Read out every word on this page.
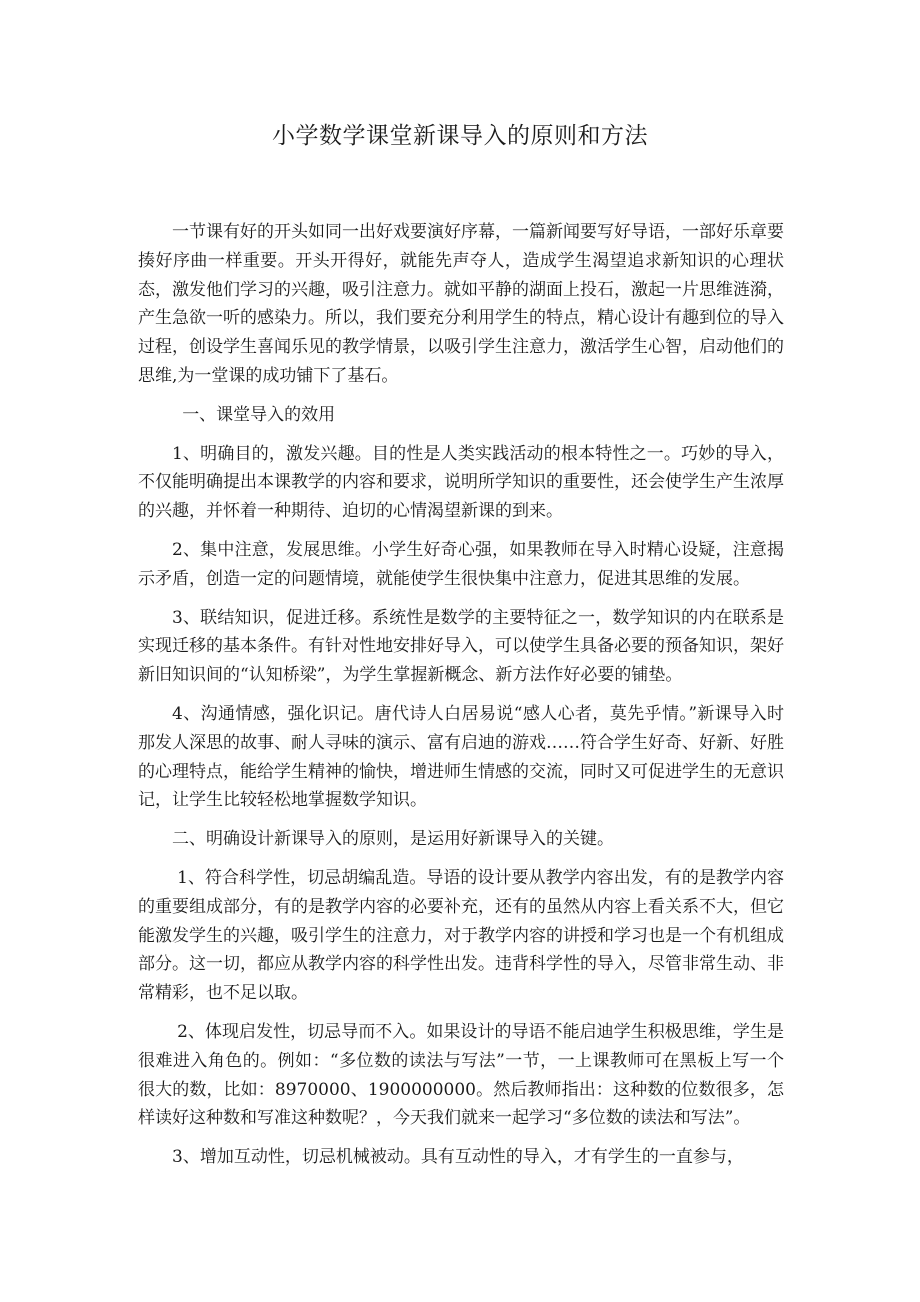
小学数学课堂新课导入的原则和方法

一节课有好的开头如同一出好戏要演好序幕，一篇新闻要写好导语，一部好乐章要揍好序曲一样重要。开头开得好，就能先声夺人，造成学生渴望追求新知识的心理状态，激发他们学习的兴趣，吸引注意力。就如平静的湖面上投石，激起一片思维涟漪，产生急欲一听的感染力。所以，我们要充分利用学生的特点，精心设计有趣到位的导入过程，创设学生喜闻乐见的教学情景，以吸引学生注意力，激活学生心智，启动他们的思维,为一堂课的成功铺下了基石。

一、课堂导入的效用

1、明确目的，激发兴趣。目的性是人类实践活动的根本特性之一。巧妙的导入，不仅能明确提出本课教学的内容和要求，说明所学知识的重要性，还会使学生产生浓厚的兴趣，并怀着一种期待、迫切的心情渴望新课的到来。

2、集中注意，发展思维。小学生好奇心强，如果教师在导入时精心设疑，注意揭示矛盾，创造一定的问题情境，就能使学生很快集中注意力，促进其思维的发展。

3、联结知识，促进迁移。系统性是数学的主要特征之一，数学知识的内在联系是实现迁移的基本条件。有针对性地安排好导入，可以使学生具备必要的预备知识，架好新旧知识间的“认知桥梁”，为学生掌握新概念、新方法作好必要的铺垫。

4、沟通情感，强化识记。唐代诗人白居易说“感人心者，莫先乎情。”新课导入时那发人深思的故事、耐人寻味的演示、富有启迪的游戏……符合学生好奇、好新、好胜的心理特点，能给学生精神的愉快，增进师生情感的交流，同时又可促进学生的无意识记，让学生比较轻松地掌握数学知识。

二、明确设计新课导入的原则，是运用好新课导入的关键。

1、符合科学性，切忌胡编乱造。导语的设计要从教学内容出发，有的是教学内容的重要组成部分，有的是教学内容的必要补充，还有的虽然从内容上看关系不大，但它能激发学生的兴趣，吸引学生的注意力，对于教学内容的讲授和学习也是一个有机组成部分。这一切，都应从教学内容的科学性出发。违背科学性的导入，尽管非常生动、非常精彩，也不足以取。

2、体现启发性，切忌导而不入。如果设计的导语不能启迪学生积极思维，学生是很难进入角色的。例如：“多位数的读法与写法”一节，一上课教师可在黑板上写一个很大的数，比如：8970000、1900000000。然后教师指出：这种数的位数很多，怎样读好这种数和写准这种数呢？，今天我们就来一起学习“多位数的读法和写法”。

3、增加互动性，切忌机械被动。具有互动性的导入，才有学生的一直参与，
